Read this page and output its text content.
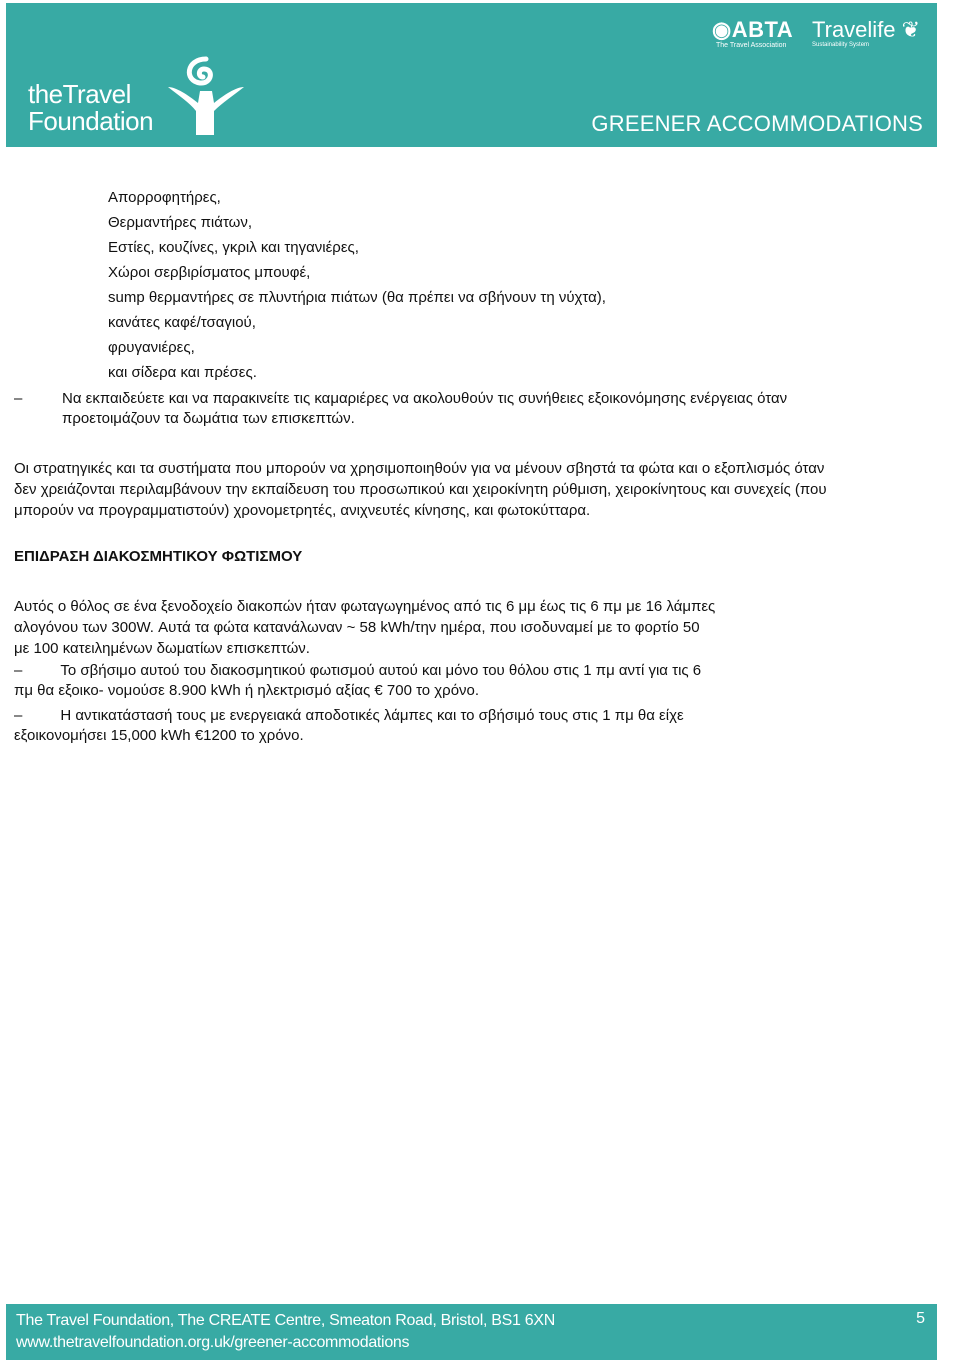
theTravel
Foundation
◉ABTA
The Travel Association
Travelife ❦
Sustainability System
GREENER ACCOMMODATIONS
Απορροφητήρες,
Θερμαντήρες πιάτων,
Εστίες, κουζίνες, γκριλ και τηγανιέρες,
Χώροι σερβιρίσματος μπουφέ,
sump θερμαντήρες σε πλυντήρια πιάτων (θα πρέπει να σβήνουν τη νύχτα),
κανάτες καφέ/τσαγιού,
φρυγανιέρες,
και σίδερα και πρέσες.
–	Να εκπαιδεύετε και να παρακινείτε τις καμαριέρες να ακολουθούν τις συνήθειες εξοικονόμησης ενέργειας όταν
προετοιμάζουν τα δωμάτια των επισκεπτών.
Οι στρατηγικές και τα συστήματα που μπορούν να χρησιμοποιηθούν για να μένουν σβηστά τα φώτα και ο εξοπλισμός όταν
δεν χρειάζονται περιλαμβάνουν την εκπαίδευση του προσωπικού και χειροκίνητη ρύθμιση, χειροκίνητους και συνεχείς (που
μπορούν να προγραμματιστούν) χρονομετρητές, ανιχνευτές κίνησης, και φωτοκύτταρα.
ΕΠΙΔΡΑΣΗ ΔΙΑΚΟΣΜΗΤΙΚΟΥ ΦΩΤΙΣΜΟΥ
Αυτός ο θόλος σε ένα ξενοδοχείο διακοπών ήταν φωταγωγημένος από τις 6 μμ έως τις 6 πμ με 16 λάμπες
αλογόνου των 300W. Αυτά τα φώτα κατανάλωναν ~ 58 kWh/την ημέρα, που ισοδυναμεί με το φορτίο 50
με 100 κατειλημένων δωματίων επισκεπτών.
–	Το σβήσιμο αυτού του διακοσμητικού φωτισμού αυτού και μόνο του θόλου στις 1 πμ αντί για τις 6
πμ θα εξοικο- νομούσε 8.900 kWh ή ηλεκτρισμό αξίας € 700 το χρόνο.
–	Η αντικατάστασή τους με ενεργειακά αποδοτικές λάμπες και το σβήσιμό τους στις 1 πμ θα είχε
εξοικονομήσει 15,000 kWh €1200 το χρόνο.
The Travel Foundation, The CREATE Centre, Smeaton Road, Bristol, BS1 6XN
www.thetravelfoundation.org.uk/greener-accommodations
5
